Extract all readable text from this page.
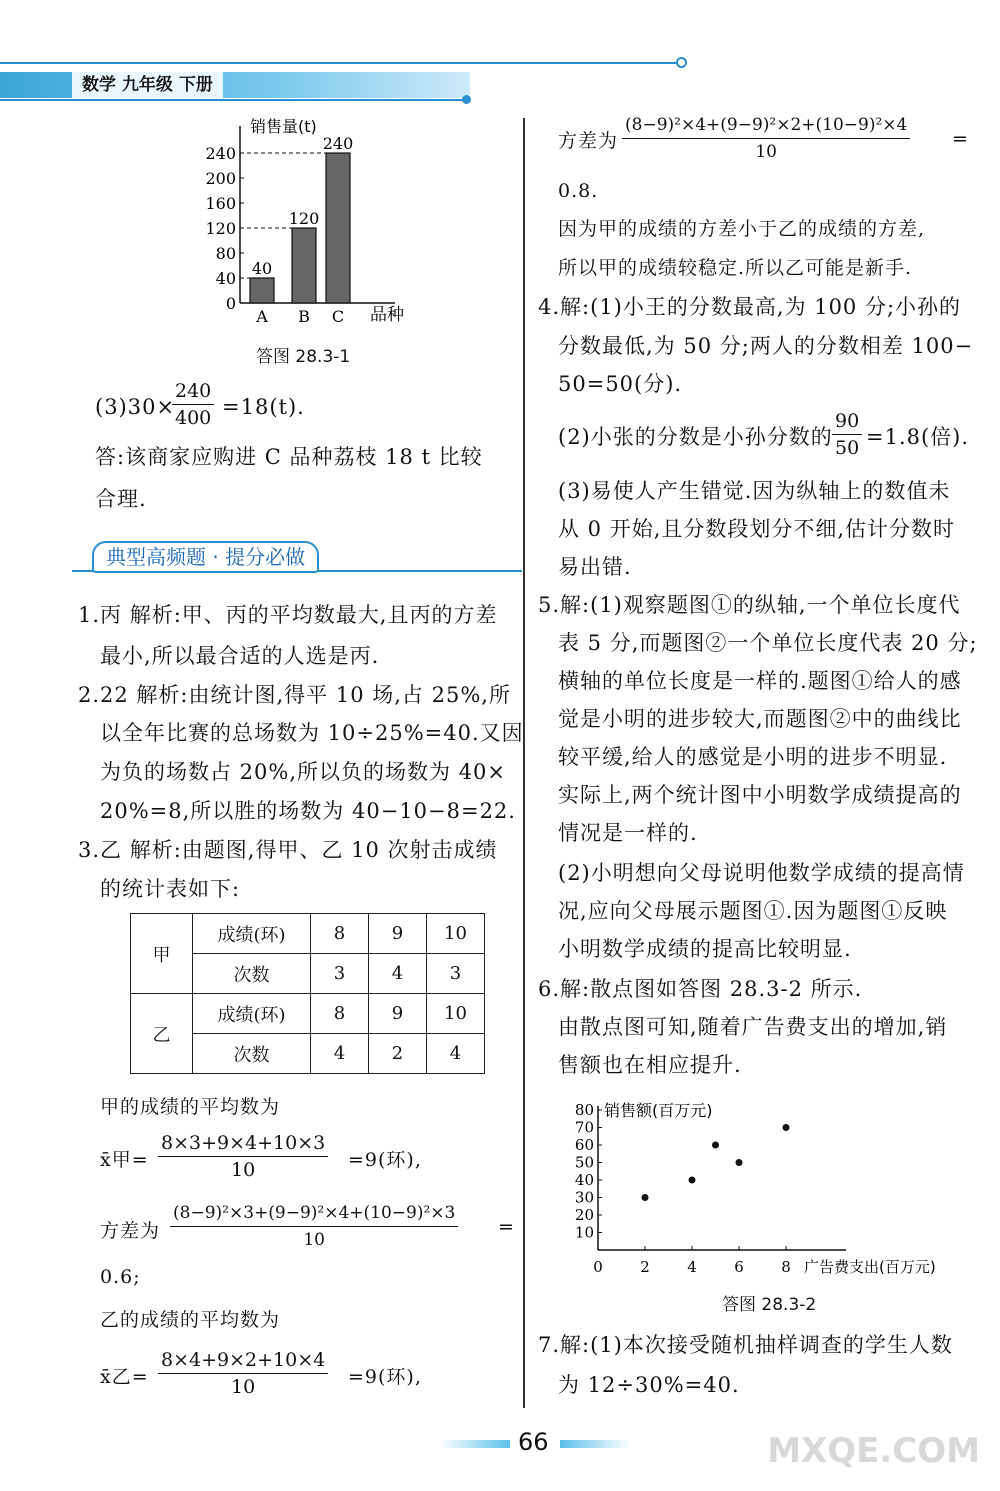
数学 九年级 下册
销售量(t)
品种
240
200
160
120
80
40
0
40
A
120
B
240
C
答图 28.3-1
(3)30×
$\frac{240}{400} =18(t)$.
答:该商家应购进 C 品种荔枝 18 t 比较
合理.
典型高频题 · 提分必做
1.丙 解析:甲、丙的平均数最大,且丙的方差
最小,所以最合适的人选是丙.
2.22 解析:由统计图,得平 10 场,占 25%,所
以全年比赛的总场数为 10÷25%=40.又因
为负的场数占 20%,所以负的场数为 40×
20%=8,所以胜的场数为 40−10−8=22.
3.乙 解析:由题图,得甲、乙 10 次射击成绩
的统计表如下:
甲	成绩(环)	8	9	10
	次数	3	4	3
乙	成绩(环)	8	9	10
	次数	4	2	4
甲的成绩的平均数为
x̄甲= $\frac{8\times 3+9\times 4+10\times 3}{10} =9$(环),
方差为 $\frac{\text{(8−9)²×3+(9−9)²×4+(10−9)²×3}}{10}$ =
0.6;
乙的成绩的平均数为
x̄乙= $\frac{8\times 4+9\times 2+10\times 4}{10} =9$(环),
方差为 $\frac{\text{(8−9)²×4+(9−9)²×2+(10−9)²×4}}{10}$ =
0.8.
因为甲的成绩的方差小于乙的成绩的方差,
所以甲的成绩较稳定.所以乙可能是新手.
4.解:(1)小王的分数最高,为 100 分;小孙的
分数最低,为 50 分;两人的分数相差 100−
50=50(分).
(2)小张的分数是小孙分数的 $\frac{90}{50} =1.8$(倍).
(3)易使人产生错觉.因为纵轴上的数值未
从 0 开始,且分数段划分不细,估计分数时
易出错.
5.解:(1)观察题图①的纵轴,一个单位长度代
表 5 分,而题图②一个单位长度代表 20 分;
横轴的单位长度是一样的.题图①给人的感
觉是小明的进步较大,而题图②中的曲线比
较平缓,给人的感觉是小明的进步不明显.
实际上,两个统计图中小明数学成绩提高的
情况是一样的.
(2)小明想向父母说明他数学成绩的提高情
况,应向父母展示题图①.因为题图①反映
小明数学成绩的提高比较明显.
6.解:散点图如答图 28.3-2 所示.
由散点图可知,随着广告费支出的增加,销
售额也在相应提升.
销售额(百万元)
广告费支出(百万元)
80
70
60
50
40
30
20
10
0 2 4 6 8
答图 28.3-2
7.解:(1)本次接受随机抽样调查的学生人数
为 12÷30%=40.
66	MXQE.COM
